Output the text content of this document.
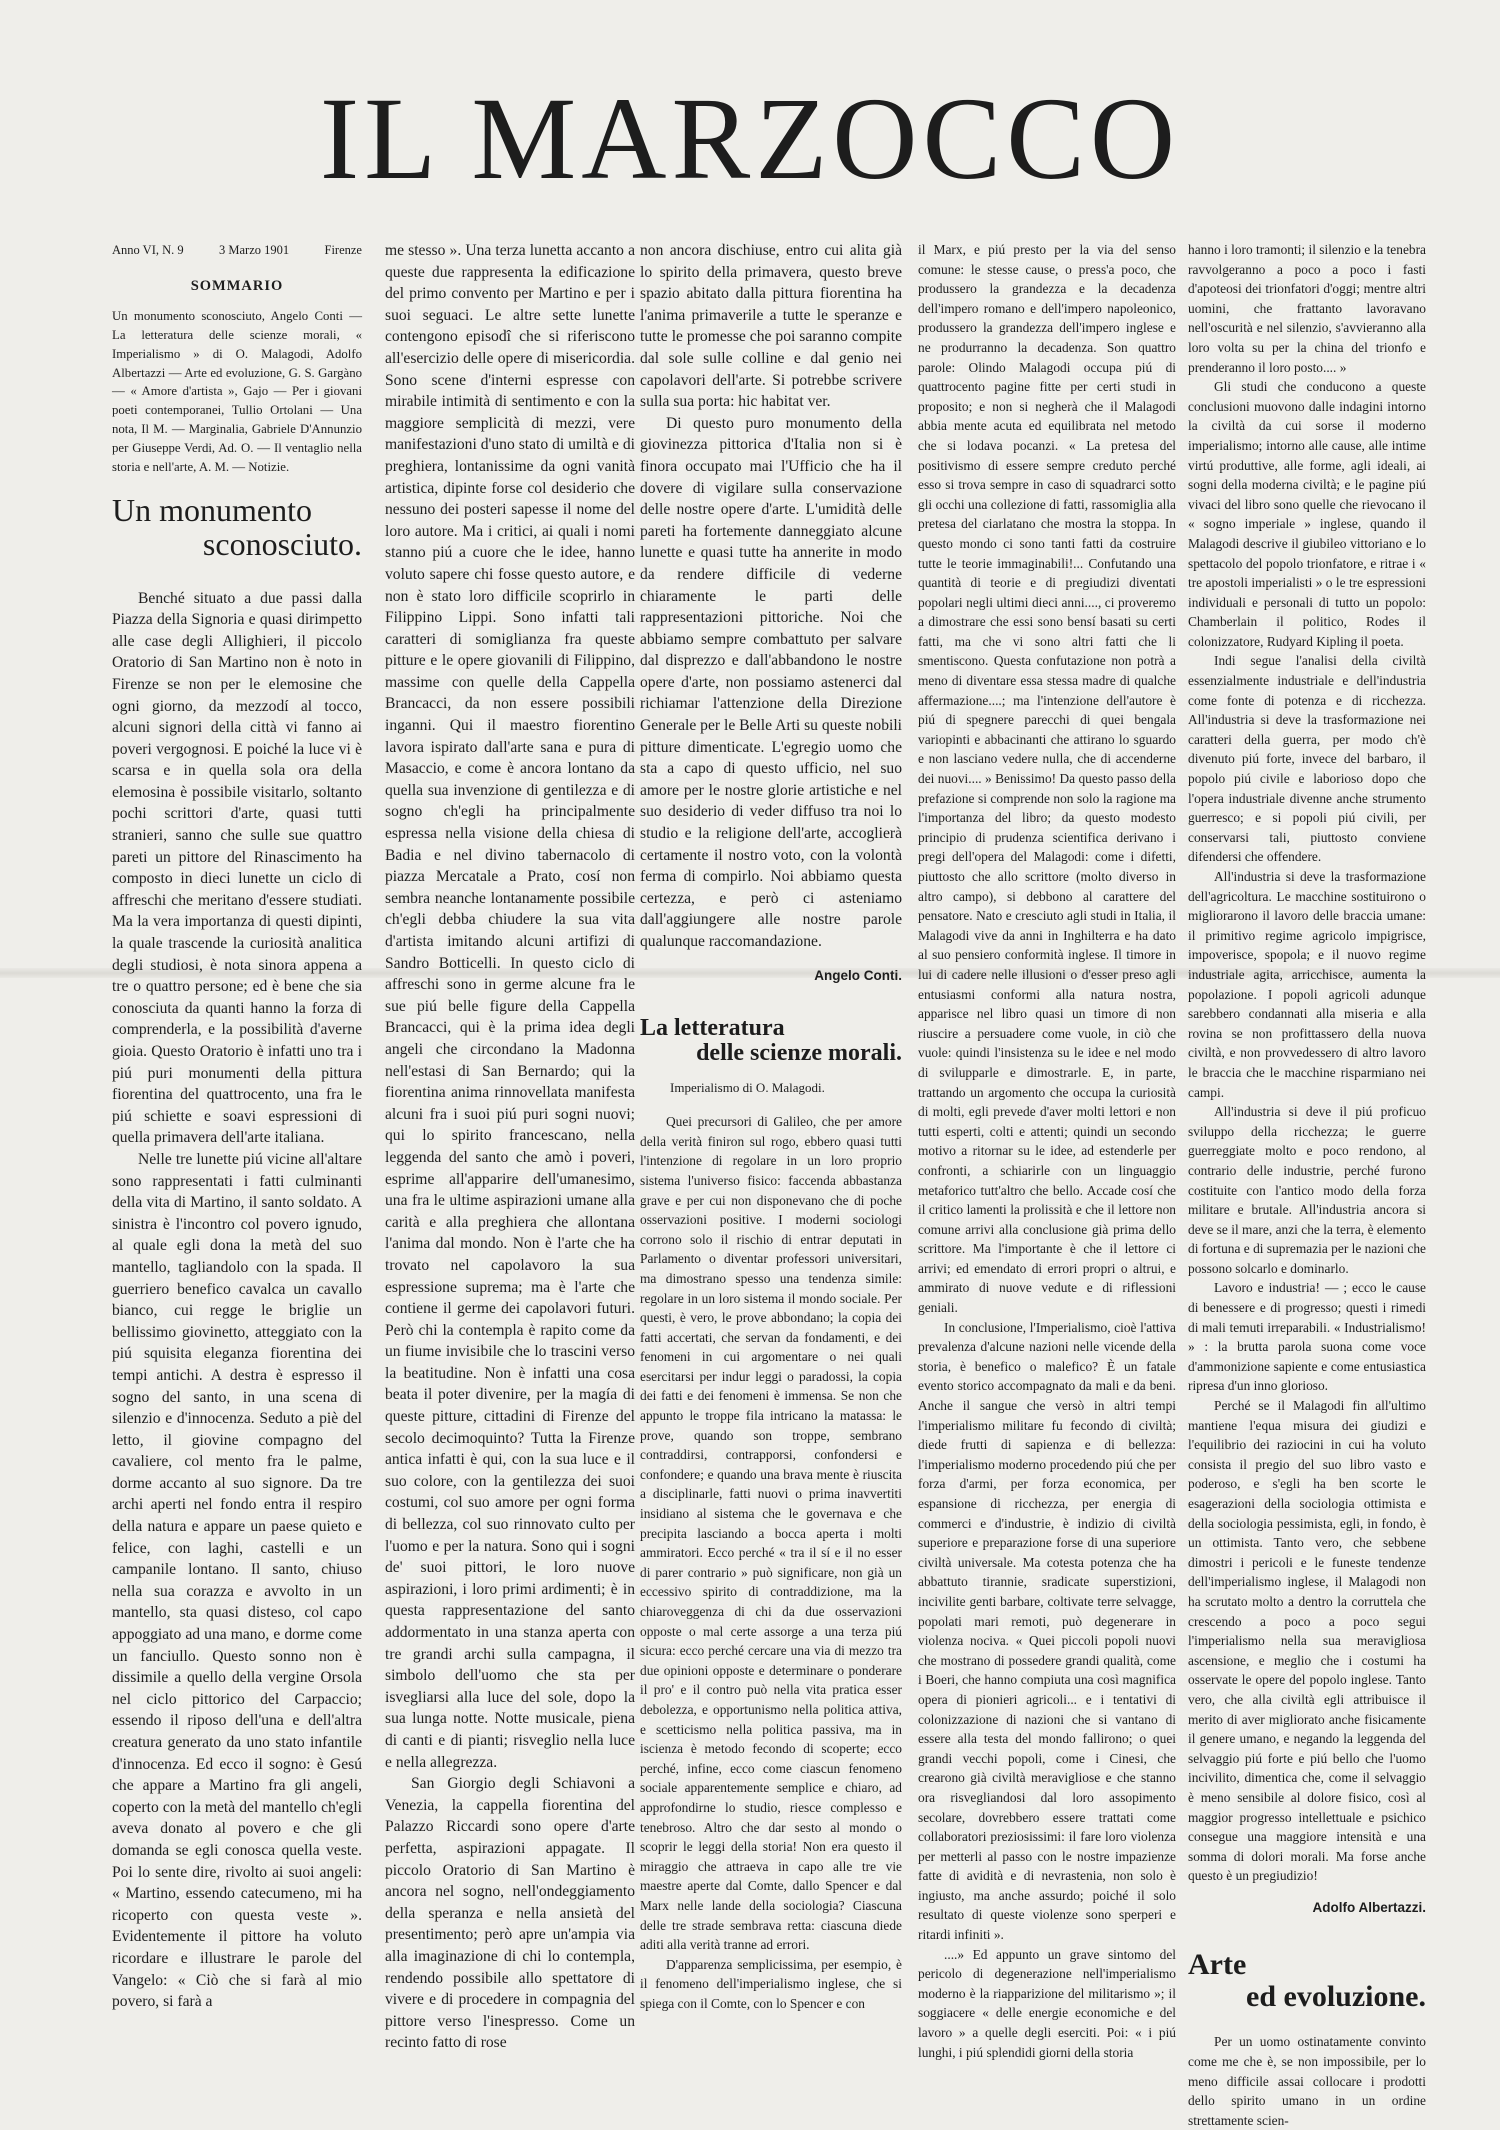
IL MARZOCCO
Anno VI, N. 9	3 Marzo 1901	Firenze
SOMMARIO

Un monumento sconosciuto, Angelo Conti — La letteratura delle scienze morali, « Imperialismo » di O. Malagodi, Adolfo Albertazzi — Arte ed evoluzione, G. S. Gargàno — « Amore d'artista », Gajo — Per i giovani poeti contemporanei, Tullio Ortolani — Una nota, Il M. — Marginalia, Gabriele D'Annunzio per Giuseppe Verdi, Ad. O. — Il ventaglio nella storia e nell'arte, A. M. — Notizie.

Un monumento
sconosciuto.

Benché situato a due passi dalla Piazza della Signoria e quasi dirimpetto alle case degli Allighieri, il piccolo Oratorio di San Martino non è noto in Firenze se non per le elemosine che ogni giorno, da mezzodí al tocco, alcuni signori della città vi fanno ai poveri vergognosi. E poiché la luce vi è scarsa e in quella sola ora della elemosina è possibile visitarlo, soltanto pochi scrittori d'arte, quasi tutti stranieri, sanno che sulle sue quattro pareti un pittore del Rinascimento ha composto in dieci lunette un ciclo di affreschi che meritano d'essere studiati. Ma la vera importanza di questi dipinti, la quale trascende la curiosità analitica degli studiosi, è nota sinora appena a tre o quattro persone; ed è bene che sia conosciuta da quanti hanno la forza di comprenderla, e la possibilità d'averne gioia. Questo Oratorio è infatti uno tra i piú puri monumenti della pittura fiorentina del quattrocento, una fra le piú schiette e soavi espressioni di quella primavera dell'arte italiana.

Nelle tre lunette piú vicine all'altare sono rappresentati i fatti culminanti della vita di Martino, il santo soldato. A sinistra è l'incontro col povero ignudo, al quale egli dona la metà del suo mantello, tagliandolo con la spada. Il guerriero benefico cavalca un cavallo bianco, cui regge le briglie un bellissimo giovinetto, atteggiato con la piú squisita eleganza fiorentina dei tempi antichi. A destra è espresso il sogno del santo, in una scena di silenzio e d'innocenza. Seduto a piè del letto, il giovine compagno del cavaliere, col mento fra le palme, dorme accanto al suo signore. Da tre archi aperti nel fondo entra il respiro della natura e appare un paese quieto e felice, con laghi, castelli e un campanile lontano. Il santo, chiuso nella sua corazza e avvolto in un mantello, sta quasi disteso, col capo appoggiato ad una mano, e dorme come un fanciullo. Questo sonno non è dissimile a quello della vergine Orsola nel ciclo pittorico del Carpaccio; essendo il riposo dell'una e dell'altra creatura generato da uno stato infantile d'innocenza. Ed ecco il sogno: è Gesú che appare a Martino fra gli angeli, coperto con la metà del mantello ch'egli aveva donato al povero e che gli domanda se egli conosca quella veste. Poi lo sente dire, rivolto ai suoi angeli: « Martino, essendo catecumeno, mi ha ricoperto con questa veste ». Evidentemente il pittore ha voluto ricordare e illustrare le parole del Vangelo: « Ciò che si farà al mio povero, si farà a

me stesso ». Una terza lunetta accanto a queste due rappresenta la edificazione del primo convento per Martino e per i suoi seguaci. Le altre sette lunette contengono episodî che si riferiscono all'esercizio delle opere di misericordia. Sono scene d'interni espresse con mirabile intimità di sentimento e con la maggiore semplicità di mezzi, vere manifestazioni d'uno stato di umiltà e di preghiera, lontanissime da ogni vanità artistica, dipinte forse col desiderio che nessuno dei posteri sapesse il nome del loro autore. Ma i critici, ai quali i nomi stanno piú a cuore che le idee, hanno voluto sapere chi fosse questo autore, e non è stato loro difficile scoprirlo in Filippino Lippi. Sono infatti tali caratteri di somiglianza fra queste pitture e le opere giovanili di Filippino, massime con quelle della Cappella Brancacci, da non essere possibili inganni. Qui il maestro fiorentino lavora ispirato dall'arte sana e pura di Masaccio, e come è ancora lontano da quella sua invenzione di gentilezza e di sogno ch'egli ha principalmente espressa nella visione della chiesa di Badia e nel divino tabernacolo di piazza Mercatale a Prato, cosí non sembra neanche lontanamente possibile ch'egli debba chiudere la sua vita d'artista imitando alcuni artifizi di Sandro Botticelli. In questo ciclo di affreschi sono in germe alcune fra le sue piú belle figure della Cappella Brancacci, qui è la prima idea degli angeli che circondano la Madonna nell'estasi di San Bernardo; qui la fiorentina anima rinnovellata manifesta alcuni fra i suoi piú puri sogni nuovi; qui lo spirito francescano, nella leggenda del santo che amò i poveri, esprime all'apparire dell'umanesimo, una fra le ultime aspirazioni umane alla carità e alla preghiera che allontana l'anima dal mondo. Non è l'arte che ha trovato nel capolavoro la sua espressione suprema; ma è l'arte che contiene il germe dei capolavori futuri. Però chi la contempla è rapito come da un fiume invisibile che lo trascini verso la beatitudine. Non è infatti una cosa beata il poter divenire, per la magía di queste pitture, cittadini di Firenze del secolo decimoquinto? Tutta la Firenze antica infatti è qui, con la sua luce e il suo colore, con la gentilezza dei suoi costumi, col suo amore per ogni forma di bellezza, col suo rinnovato culto per l'uomo e per la natura. Sono qui i sogni de' suoi pittori, le loro nuove aspirazioni, i loro primi ardimenti; è in questa rappresentazione del santo addormentato in una stanza aperta con tre grandi archi sulla campagna, il simbolo dell'uomo che sta per isvegliarsi alla luce del sole, dopo la sua lunga notte. Notte musicale, piena di canti e di pianti; risveglio nella luce e nella allegrezza.

San Giorgio degli Schiavoni a Venezia, la cappella fiorentina del Palazzo Riccardi sono opere d'arte perfetta, aspirazioni appagate. Il piccolo Oratorio di San Martino è ancora nel sogno, nell'ondeggiamento della speranza e nella ansietà del presentimento; però apre un'ampia via alla imaginazione di chi lo contempla, rendendo possibile allo spettatore di vivere e di procedere in compagnia del pittore verso l'inespresso. Come un recinto fatto di rose

non ancora dischiuse, entro cui alita già lo spirito della primavera, questo breve spazio abitato dalla pittura fiorentina ha l'anima primaverile a tutte le speranze e tutte le promesse che poi saranno compite dal sole sulle colline e dal genio nei capolavori dell'arte. Si potrebbe scrivere sulla sua porta: hic habitat ver.

Di questo puro monumento della giovinezza pittorica d'Italia non si è finora occupato mai l'Ufficio che ha il dovere di vigilare sulla conservazione delle nostre opere d'arte. L'umidità delle pareti ha fortemente danneggiato alcune lunette e quasi tutte ha annerite in modo da rendere difficile di vederne chiaramente le parti delle rappresentazioni pittoriche. Noi che abbiamo sempre combattuto per salvare dal disprezzo e dall'abbandono le nostre opere d'arte, non possiamo astenerci dal richiamar l'attenzione della Direzione Generale per le Belle Arti su queste nobili pitture dimenticate. L'egregio uomo che sta a capo di questo ufficio, nel suo amore per le nostre glorie artistiche e nel suo desiderio di veder diffuso tra noi lo studio e la religione dell'arte, accoglierà certamente il nostro voto, con la volontà ferma di compirlo. Noi abbiamo questa certezza, e però ci asteniamo dall'aggiungere alle nostre parole qualunque raccomandazione.

Angelo Conti.

La letteratura
delle scienze morali.

Imperialismo di O. Malagodi.

Quei precursori di Galileo, che per amore della verità finiron sul rogo, ebbero quasi tutti l'intenzione di regolare in un loro proprio sistema l'universo fisico: faccenda abbastanza grave e per cui non disponevano che di poche osservazioni positive. I moderni sociologi corrono solo il rischio di entrar deputati in Parlamento o diventar professori universitari, ma dimostrano spesso una tendenza simile: regolare in un loro sistema il mondo sociale. Per questi, è vero, le prove abbondano; la copia dei fatti accertati, che servan da fondamenti, e dei fenomeni in cui argomentare o nei quali esercitarsi per indur leggi o paradossi, la copia dei fatti e dei fenomeni è immensa. Se non che appunto le troppe fila intricano la matassa: le prove, quando son troppe, sembrano contraddirsi, contrapporsi, confondersi e confondere; e quando una brava mente è riuscita a disciplinarle, fatti nuovi o prima inavvertiti insidiano al sistema che le governava e che precipita lasciando a bocca aperta i molti ammiratori. Ecco perché « tra il sí e il no esser di parer contrario » può significare, non già un eccessivo spirito di contraddizione, ma la chiaroveggenza di chi da due osservazioni opposte o mal certe assorge a una terza piú sicura: ecco perché cercare una via di mezzo tra due opinioni opposte e determinare o ponderare il pro' e il contro può nella vita pratica esser debolezza, e opportunismo nella politica attiva, e scetticismo nella politica passiva, ma in iscienza è metodo fecondo di scoperte; ecco perché, infine, ecco come ciascun fenomeno sociale apparentemente semplice e chiaro, ad approfondirne lo studio, riesce complesso e tenebroso. Altro che dar sesto al mondo o scoprir le leggi della storia! Non era questo il miraggio che attraeva in capo alle tre vie maestre aperte dal Comte, dallo Spencer e dal Marx nelle lande della sociologia? Ciascuna delle tre strade sembrava retta: ciascuna diede aditi alla verità tranne ad errori.

D'apparenza semplicissima, per esempio, è il fenomeno dell'imperialismo inglese, che si spiega con il Comte, con lo Spencer e con

il Marx, e piú presto per la via del senso comune: le stesse cause, o press'a poco, che produssero la grandezza e la decadenza dell'impero romano e dell'impero napoleonico, produssero la grandezza dell'impero inglese e ne produrranno la decadenza. Son quattro parole: Olindo Malagodi occupa piú di quattrocento pagine fitte per certi studi in proposito; e non si negherà che il Malagodi abbia mente acuta ed equilibrata nel metodo che si lodava pocanzi. « La pretesa del positivismo di essere sempre creduto perché esso si trova sempre in caso di squadrarci sotto gli occhi una collezione di fatti, rassomiglia alla pretesa del ciarlatano che mostra la stoppa. In questo mondo ci sono tanti fatti da costruire tutte le teorie immaginabili!... Confutando una quantità di teorie e di pregiudizi diventati popolari negli ultimi dieci anni...., ci proveremo a dimostrare che essi sono bensí basati su certi fatti, ma che vi sono altri fatti che li smentiscono. Questa confutazione non potrà a meno di diventare essa stessa madre di qualche affermazione....; ma l'intenzione dell'autore è piú di spegnere parecchi di quei bengala variopinti e abbacinanti che attirano lo sguardo e non lasciano vedere nulla, che di accenderne dei nuovi.... » Benissimo! Da questo passo della prefazione si comprende non solo la ragione ma l'importanza del libro; da questo modesto principio di prudenza scientifica derivano i pregi dell'opera del Malagodi: come i difetti, piuttosto che allo scrittore (molto diverso in altro campo), si debbono al carattere del pensatore. Nato e cresciuto agli studi in Italia, il Malagodi vive da anni in Inghilterra e ha dato al suo pensiero conformità inglese. Il timore in lui di cadere nelle illusioni o d'esser preso agli entusiasmi conformi alla natura nostra, apparisce nel libro quasi un timore di non riuscire a persuadere come vuole, in ciò che vuole: quindi l'insistenza su le idee e nel modo di svilupparle e dimostrarle. E, in parte, trattando un argomento che occupa la curiosità di molti, egli prevede d'aver molti lettori e non tutti esperti, colti e attenti; quindi un secondo motivo a ritornar su le idee, ad estenderle per confronti, a schiarirle con un linguaggio metaforico tutt'altro che bello. Accade cosí che il critico lamenti la prolissità e che il lettore non comune arrivi alla conclusione già prima dello scrittore. Ma l'importante è che il lettore ci arrivi; ed emendato di errori propri o altrui, e ammirato di nuove vedute e di riflessioni geniali.

In conclusione, l'Imperialismo, cioè l'attiva prevalenza d'alcune nazioni nelle vicende della storia, è benefico o malefico? È un fatale evento storico accompagnato da mali e da beni. Anche il sangue che versò in altri tempi l'imperialismo militare fu fecondo di civiltà; diede frutti di sapienza e di bellezza: l'imperialismo moderno procedendo piú che per forza d'armi, per forza economica, per espansione di ricchezza, per energia di commerci e d'industrie, è indizio di civiltà superiore e preparazione forse di una superiore civiltà universale. Ma cotesta potenza che ha abbattuto tirannie, sradicate superstizioni, incivilite genti barbare, coltivate terre selvagge, popolati mari remoti, può degenerare in violenza nociva. « Quei piccoli popoli nuovi che mostrano di possedere grandi qualità, come i Boeri, che hanno compiuta una così magnifica opera di pionieri agricoli... e i tentativi di colonizzazione di nazioni che si vantano di essere alla testa del mondo fallirono; o quei grandi vecchi popoli, come i Cinesi, che crearono già civiltà meravigliose e che stanno ora risvegliandosi dal loro assopimento secolare, dovrebbero essere trattati come collaboratori preziosissimi: il fare loro violenza per metterli al passo con le nostre impazienze fatte di avidità e di nevrastenia, non solo è ingiusto, ma anche assurdo; poiché il solo resultato di queste violenze sono sperperi e ritardi infiniti ».

....» Ed appunto un grave sintomo del pericolo di degenerazione nell'imperialismo moderno è la riapparizione del militarismo »; il soggiacere « delle energie economiche e del lavoro » a quelle degli eserciti. Poi: « i piú lunghi, i piú splendidi giorni della storia

hanno i loro tramonti; il silenzio e la tenebra ravvolgeranno a poco a poco i fasti d'apoteosi dei trionfatori d'oggi; mentre altri uomini, che frattanto lavoravano nell'oscurità e nel silenzio, s'avvieranno alla loro volta su per la china del trionfo e prenderanno il loro posto.... »

Gli studi che conducono a queste conclusioni muovono dalle indagini intorno la civiltà da cui sorse il moderno imperialismo; intorno alle cause, alle intime virtú produttive, alle forme, agli ideali, ai sogni della moderna civiltà; e le pagine piú vivaci del libro sono quelle che rievocano il « sogno imperiale » inglese, quando il Malagodi descrive il giubileo vittoriano e lo spettacolo del popolo trionfatore, e ritrae i « tre apostoli imperialisti » o le tre espressioni individuali e personali di tutto un popolo: Chamberlain il politico, Rodes il colonizzatore, Rudyard Kipling il poeta.

Indi segue l'analisi della civiltà essenzialmente industriale e dell'industria come fonte di potenza e di ricchezza. All'industria si deve la trasformazione nei caratteri della guerra, per modo ch'è divenuto piú forte, invece del barbaro, il popolo piú civile e laborioso dopo che l'opera industriale divenne anche strumento guerresco; e si popoli piú civili, per conservarsi tali, piuttosto conviene difendersi che offendere.

All'industria si deve la trasformazione dell'agricoltura. Le macchine sostituirono o migliorarono il lavoro delle braccia umane: il primitivo regime agricolo impigrisce, impoverisce, spopola; e il nuovo regime industriale agita, arricchisce, aumenta la popolazione. I popoli agricoli adunque sarebbero condannati alla miseria e alla rovina se non profittassero della nuova civiltà, e non provvedessero di altro lavoro le braccia che le macchine risparmiano nei campi.

All'industria si deve il piú proficuo sviluppo della ricchezza; le guerre guerreggiate molto e poco rendono, al contrario delle industrie, perché furono costituite con l'antico modo della forza militare e brutale. All'industria ancora si deve se il mare, anzi che la terra, è elemento di fortuna e di supremazia per le nazioni che possono solcarlo e dominarlo.

Lavoro e industria! — ; ecco le cause di benessere e di progresso; questi i rimedi di mali temuti irreparabili. « Industrialismo! » : la brutta parola suona come voce d'ammonizione sapiente e come entusiastica ripresa d'un inno glorioso.

Perché se il Malagodi fin all'ultimo mantiene l'equa misura dei giudizi e l'equilibrio dei raziocini in cui ha voluto consista il pregio del suo libro vasto e poderoso, e s'egli ha ben scorte le esagerazioni della sociologia ottimista e della sociologia pessimista, egli, in fondo, è un ottimista. Tanto vero, che sebbene dimostri i pericoli e le funeste tendenze dell'imperialismo inglese, il Malagodi non ha scrutato molto a dentro la corruttela che crescendo a poco a poco segui l'imperialismo nella sua meravigliosa ascensione, e meglio che i costumi ha osservate le opere del popolo inglese. Tanto vero, che alla civiltà egli attribuisce il merito di aver migliorato anche fisicamente il genere umano, e negando la leggenda del selvaggio piú forte e piú bello che l'uomo incivilito, dimentica che, come il selvaggio è meno sensibile al dolore fisico, così al maggior progresso intellettuale e psichico consegue una maggiore intensità e una somma di dolori morali. Ma forse anche questo è un pregiudizio!

Adolfo Albertazzi.

Arte
ed evoluzione.

Per un uomo ostinatamente convinto come me che è, se non impossibile, per lo meno difficile assai collocare i prodotti dello spirito umano in un ordine strettamente scien-
